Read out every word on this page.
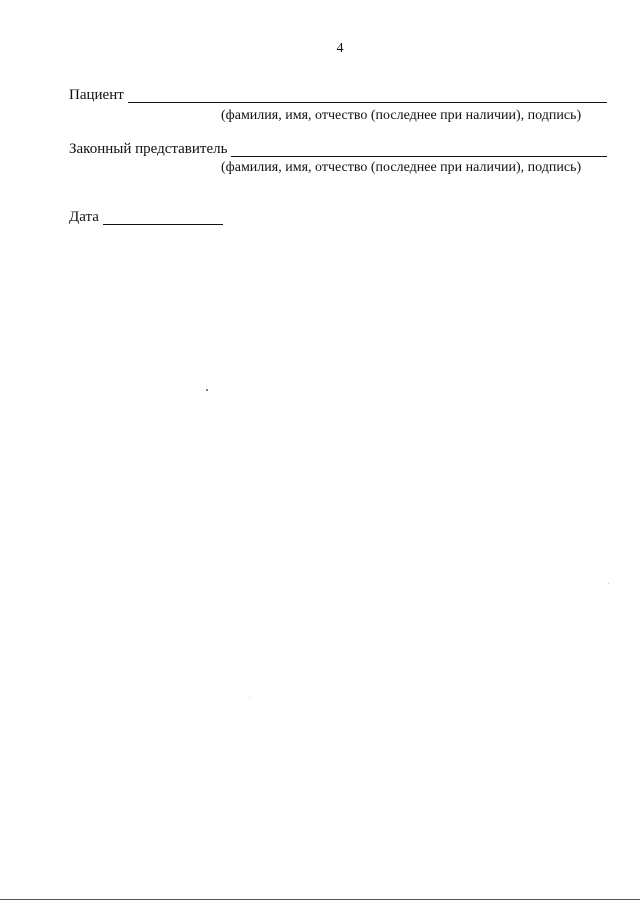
4
Пациент
(фамилия, имя, отчество (последнее при наличии), подпись)
Законный представитель
(фамилия, имя, отчество (последнее при наличии), подпись)
Дата
